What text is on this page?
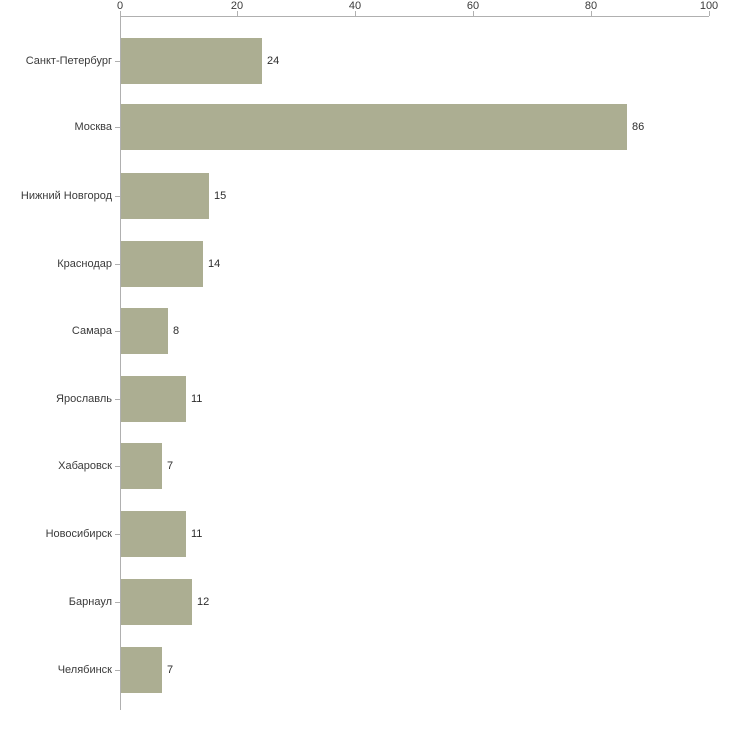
0	20	40	60	80	100
Санкт-Петербург	24
Москва	86
Нижний Новгород	15
Краснодар	14
Самара	8
Ярославль	11
Хабаровск	7
Новосибирск	11
Барнаул	12
Челябинск	7
